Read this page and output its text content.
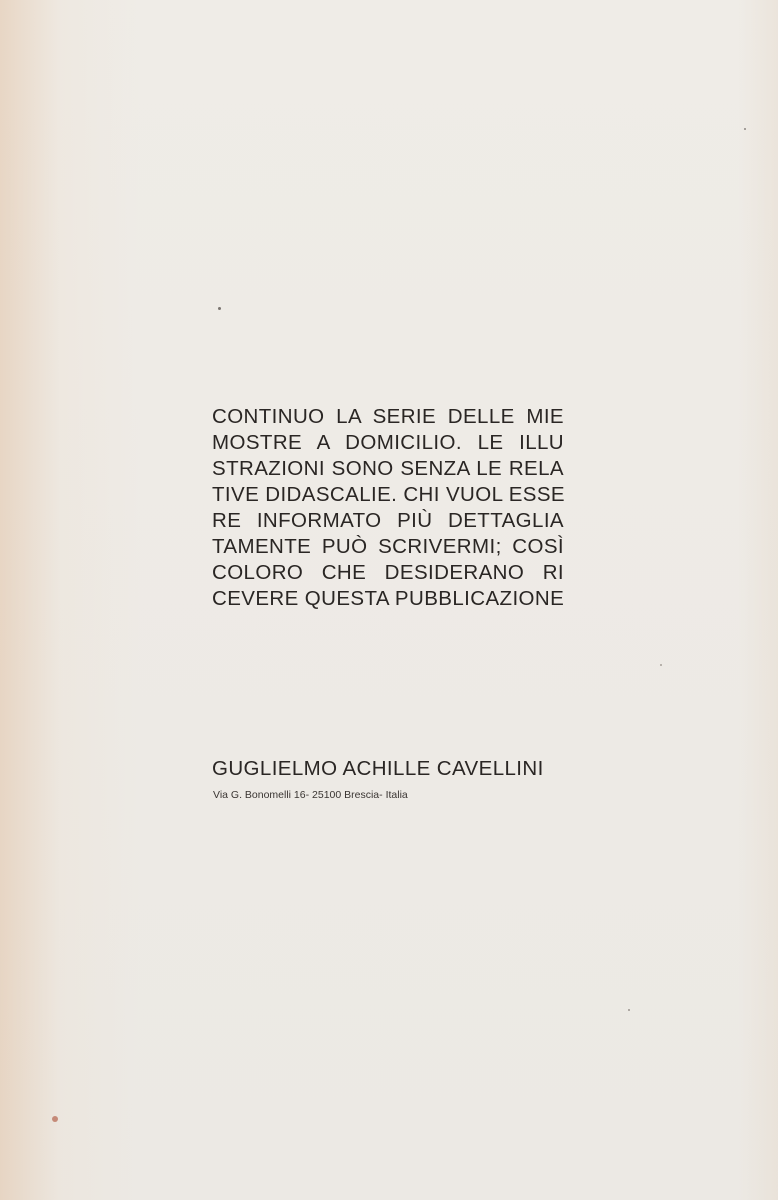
CONTINUO LA SERIE DELLE MIE
MOSTRE A DOMICILIO. LE ILLU
STRAZIONI SONO SENZA LE RELA
TIVE DIDASCALIE. CHI VUOL ESSE
RE INFORMATO PIÙ DETTAGLIA
TAMENTE PUÒ SCRIVERMI; COSÌ
COLORO CHE DESIDERANO RI
CEVERE QUESTA PUBBLICAZIONE
GUGLIELMO ACHILLE CAVELLINI

Via G. Bonomelli 16- 25100 Brescia- Italia
